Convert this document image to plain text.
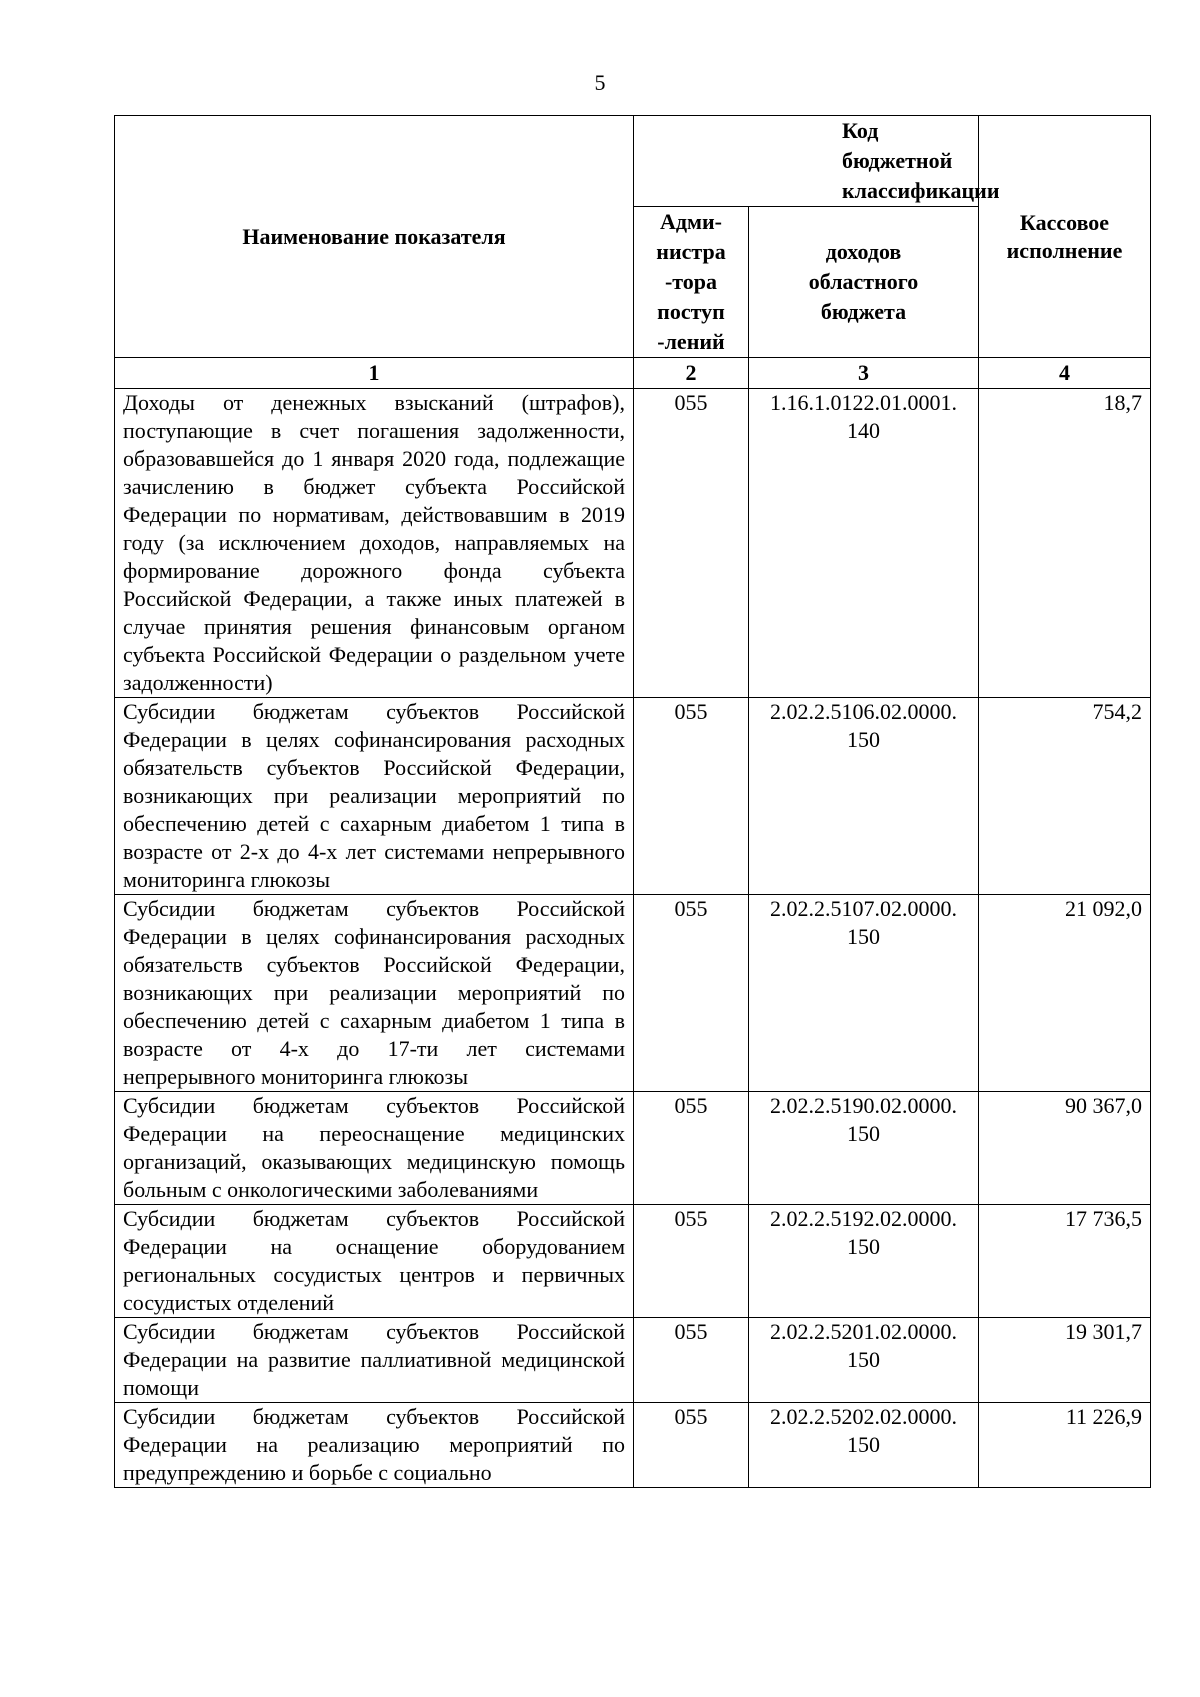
5
Наименование показателя	Код бюджетной классификации		Кассовое исполнение

	Адми-нистра-тора поступ-лений	доходов областного бюджета	

1	2	3	4
Доходы от денежных взысканий (штрафов), поступающие в счет погашения задолженности, образовавшейся до 1 января 2020 года, подлежащие зачислению в бюджет субъекта Российской Федерации по нормативам, действовавшим в 2019 году (за исключением доходов, направляемых на формирование дорожного фонда субъекта Российской Федерации, а также иных платежей в случае принятия решения финансовым органом субъекта Российской Федерации о раздельном учете задолженности)	055	1.16.1.0122.01.0001.
140	18,7
Субсидии бюджетам субъектов Российской Федерации в целях софинансирования расходных обязательств субъектов Российской Федерации, возникающих при реализации мероприятий по обеспечению детей с сахарным диабетом 1 типа в возрасте от 2-х до 4-х лет системами непрерывного мониторинга глюкозы	055	2.02.2.5106.02.0000.
150	754,2
Субсидии бюджетам субъектов Российской Федерации в целях софинансирования расходных обязательств субъектов Российской Федерации, возникающих при реализации мероприятий по обеспечению детей с сахарным диабетом 1 типа в возрасте от 4-х до 17-ти лет системами непрерывного мониторинга глюкозы	055	2.02.2.5107.02.0000.
150	21 092,0
Субсидии бюджетам субъектов Российской Федерации на переоснащение медицинских организаций, оказывающих медицинскую помощь больным с онкологическими заболеваниями	055	2.02.2.5190.02.0000.
150	90 367,0
Субсидии бюджетам субъектов Российской Федерации на оснащение оборудованием региональных сосудистых центров и первичных сосудистых отделений	055	2.02.2.5192.02.0000.
150	17 736,5
Субсидии бюджетам субъектов Российской Федерации на развитие паллиативной медицинской помощи	055	2.02.2.5201.02.0000.
150	19 301,7
Субсидии бюджетам субъектов Российской Федерации на реализацию мероприятий по предупреждению и борьбе с социально	055	2.02.2.5202.02.0000.
150	11 226,9
